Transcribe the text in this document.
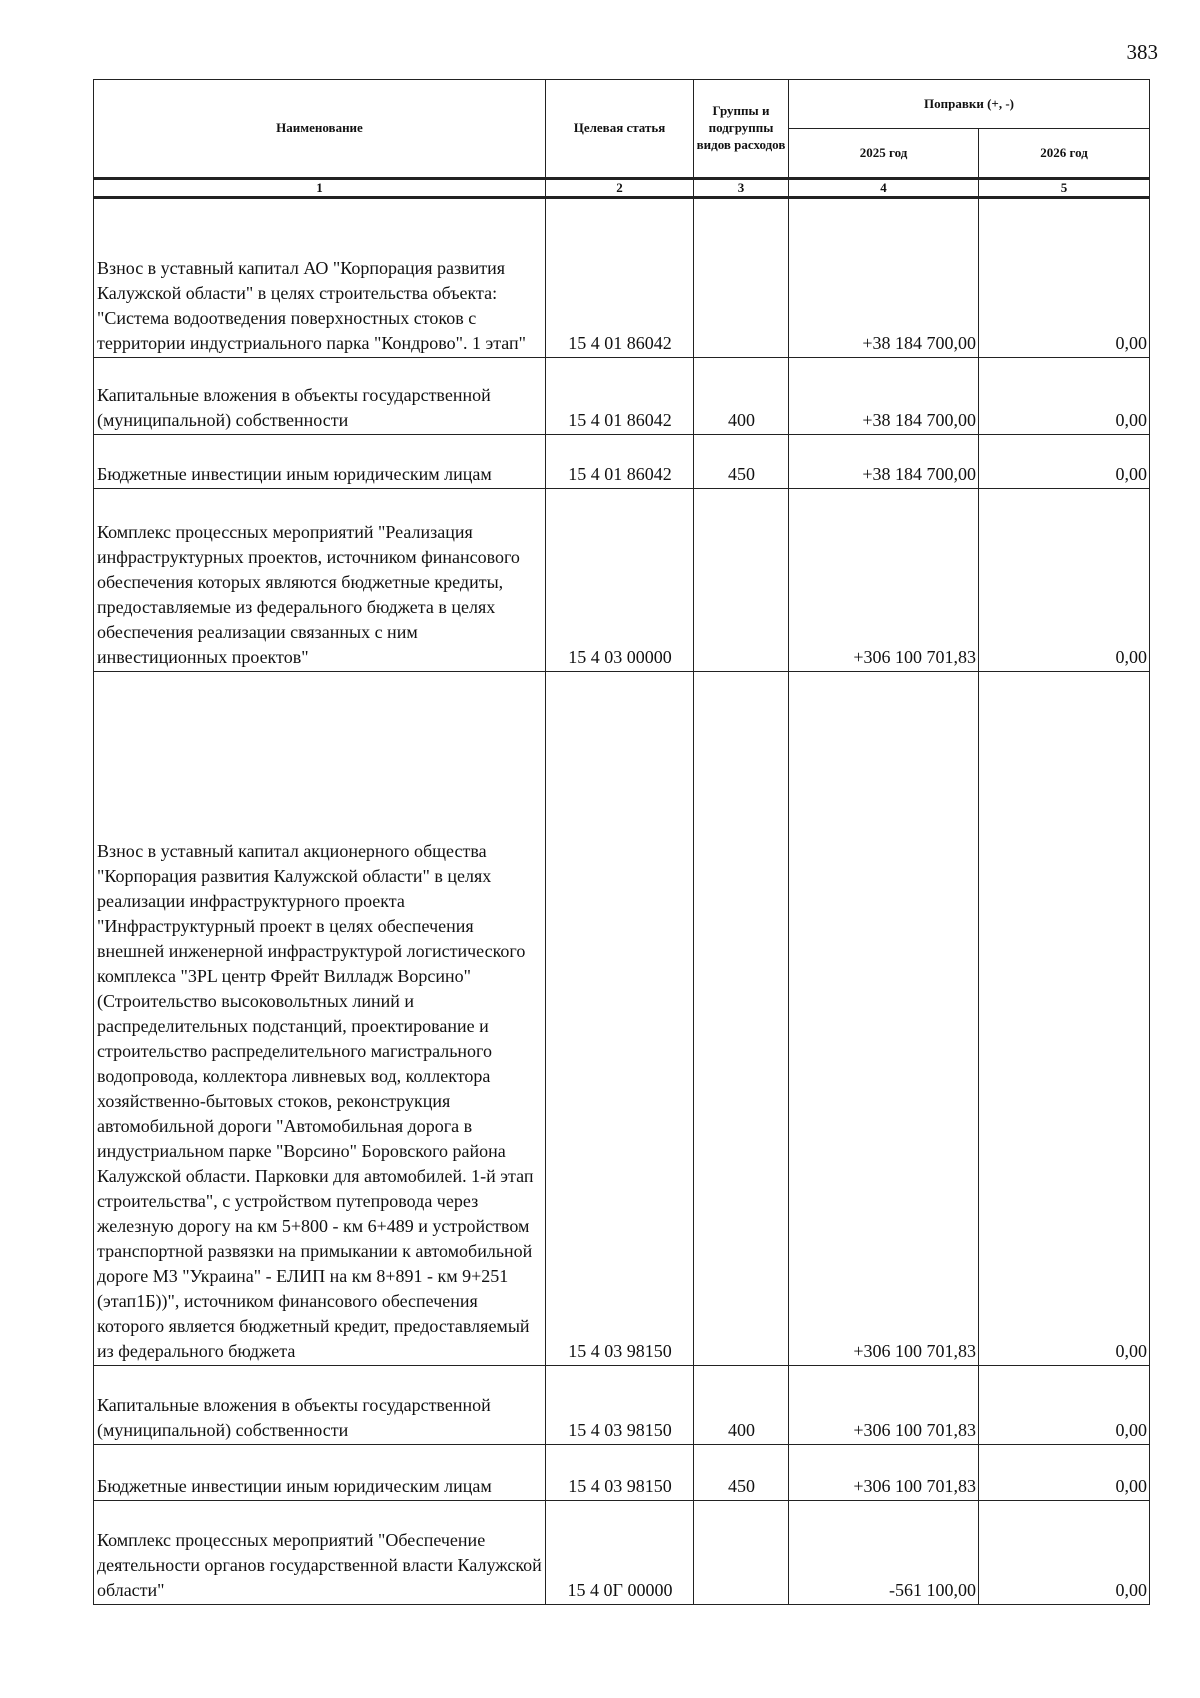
383
Наименование	Целевая статья	Группы и подгруппы видов расходов	Поправки (+, -)	
			2025 год	2026 год
1	2	3	4	5
Взнос в уставный капитал АО "Корпорация развития Калужской области" в целях строительства объекта: "Система водоотведения поверхностных стоков с территории индустриального парка "Кондрово". 1 этап"	15 4 01 86042		+38 184 700,00	0,00
Капитальные вложения в объекты государственной (муниципальной) собственности	15 4 01 86042	400	+38 184 700,00	0,00
Бюджетные инвестиции иным юридическим лицам	15 4 01 86042	450	+38 184 700,00	0,00
Комплекс процессных мероприятий "Реализация инфраструктурных проектов, источником финансового обеспечения которых являются бюджетные кредиты, предоставляемые из федерального бюджета в целях обеспечения реализации связанных с ним инвестиционных проектов"	15 4 03 00000		+306 100 701,83	0,00
Взнос в уставный капитал акционерного общества "Корпорация развития Калужской области" в целях реализации инфраструктурного проекта "Инфраструктурный проект в целях обеспечения внешней инженерной инфраструктурой логистического комплекса "3PL центр Фрейт Вилладж Ворсино" (Строительство высоковольтных линий и распределительных подстанций, проектирование и строительство распределительного магистрального водопровода, коллектора ливневых вод, коллектора хозяйственно-бытовых стоков, реконструкция автомобильной дороги "Автомобильная дорога в индустриальном парке "Ворсино" Боровского района Калужской области. Парковки для автомобилей. 1-й этап строительства", с устройством путепровода через железную дорогу на км 5+800 - км 6+489 и устройством транспортной развязки на примыкании к автомобильной дороге М3 "Украина" - ЕЛИП на км 8+891 - км 9+251 (этап1Б))", источником финансового обеспечения которого является бюджетный кредит, предоставляемый из федерального бюджета	15 4 03 98150		+306 100 701,83	0,00
Капитальные вложения в объекты государственной (муниципальной) собственности	15 4 03 98150	400	+306 100 701,83	0,00
Бюджетные инвестиции иным юридическим лицам	15 4 03 98150	450	+306 100 701,83	0,00
Комплекс процессных мероприятий "Обеспечение деятельности органов государственной власти Калужской области"	15 4 0Г 00000		-561 100,00	0,00
